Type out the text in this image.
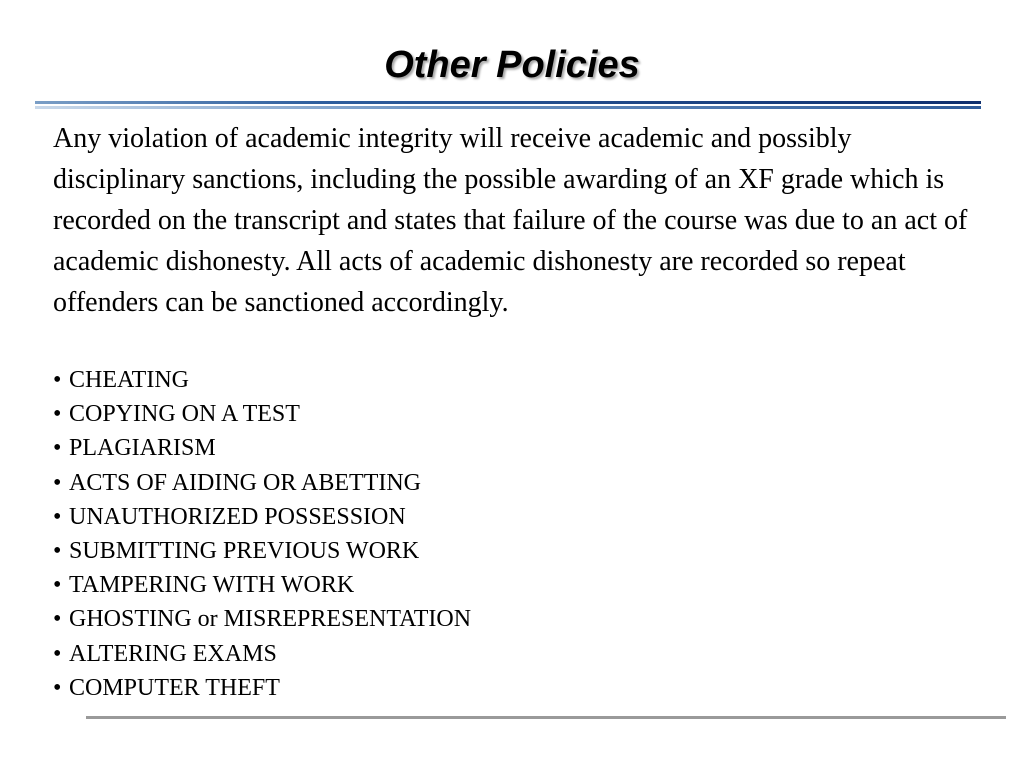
Other Policies

Any violation of academic integrity will receive academic and possibly disciplinary sanctions, including the possible awarding of an XF grade which is recorded on the transcript and states that failure of the course was due to an act of academic dishonesty. All acts of academic dishonesty are recorded so repeat offenders can be sanctioned accordingly.

• CHEATING
• COPYING ON A TEST
• PLAGIARISM
• ACTS OF AIDING OR ABETTING
• UNAUTHORIZED POSSESSION
• SUBMITTING PREVIOUS WORK
• TAMPERING WITH WORK
• GHOSTING or MISREPRESENTATION
• ALTERING EXAMS
• COMPUTER THEFT
